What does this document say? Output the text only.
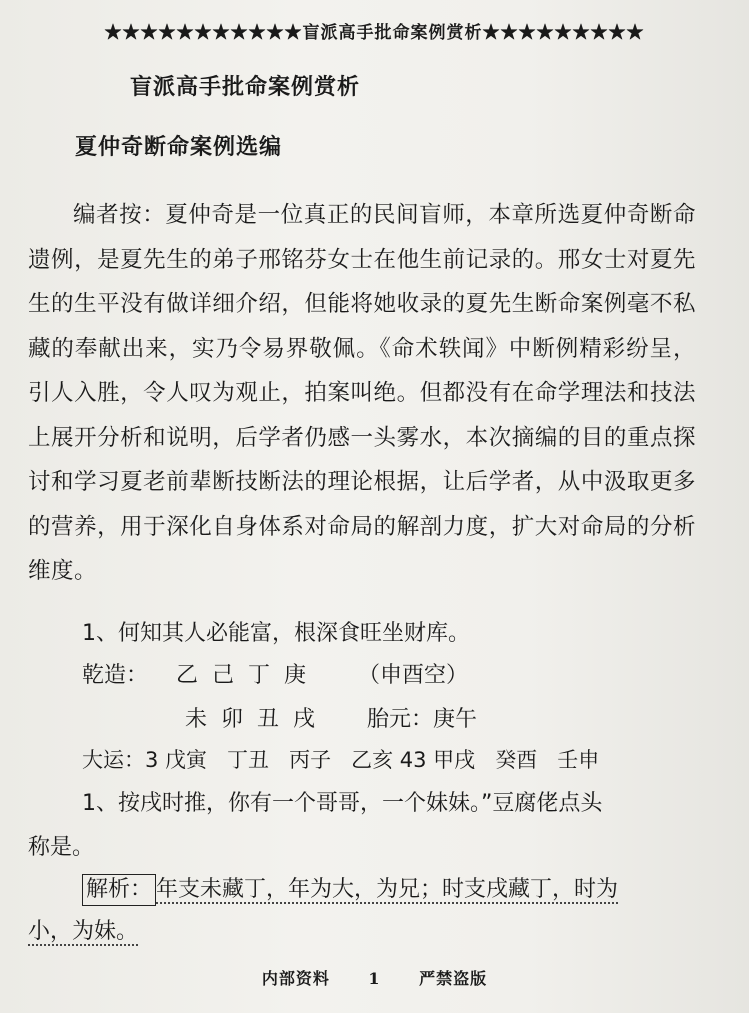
★★★★★★★★★★★盲派高手批命案例赏析★★★★★★★★★
盲派高手批命案例赏析
夏仲奇断命案例选编
编者按：夏仲奇是一位真正的民间盲师，本章所选夏仲奇断命遗例，是夏先生的弟子邢铭芬女士在他生前记录的。邢女士对夏先生的生平没有做详细介绍，但能将她收录的夏先生断命案例毫不私藏的奉献出来，实乃令易界敬佩。《命术轶闻》中断例精彩纷呈，引人入胜，令人叹为观止，拍案叫绝。但都没有在命学理法和技法上展开分析和说明，后学者仍感一头雾水，本次摘编的目的重点探讨和学习夏老前辈断技断法的理论根据，让后学者，从中汲取更多的营养，用于深化自身体系对命局的解剖力度，扩大对命局的分析维度。
1、何知其人必能富，根深食旺坐财库。
乾造： 乙  己  丁  庚 （申酉空）
未  卯  丑  戌 胎元：庚午
大运：3 戊寅   丁丑   丙子   乙亥 43 甲戌   癸酉   壬申
1、按戌时推，你有一个哥哥，一个妹妹。”豆腐佬点头
称是。
解析： 年支未藏丁，年为大，为兄；时支戌藏丁，时为
小，为妹。
内部资料 1 严禁盗版
